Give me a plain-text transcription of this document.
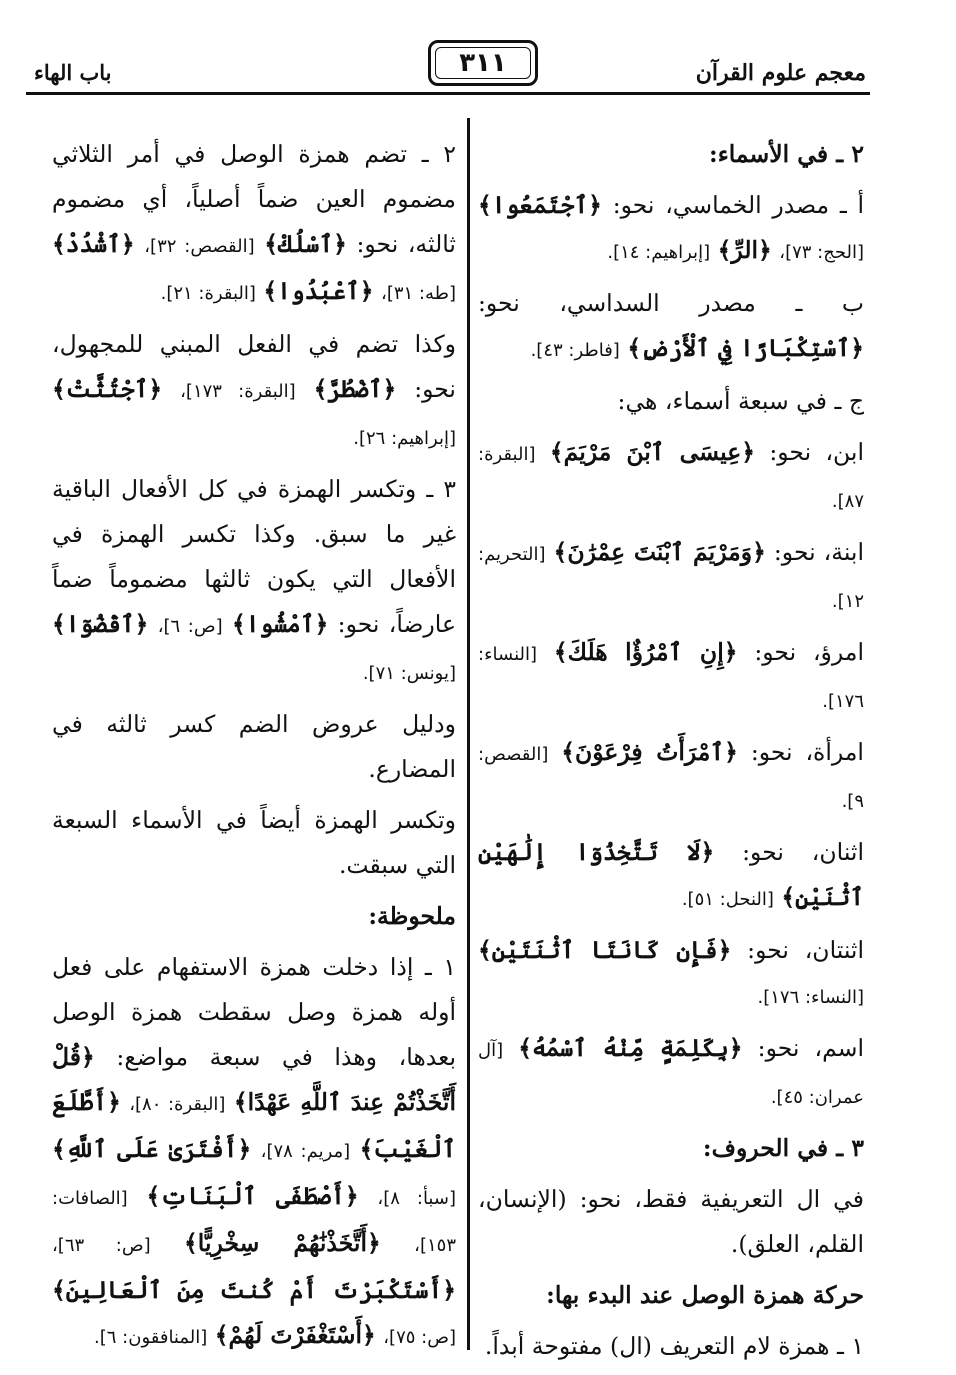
معجم علوم القرآن
٣١١
باب الهاء

٢ ـ في الأسماء:

أ ـ مصدر الخماسي، نحو: ﴿ٱجْتَمَعُوا﴾ [الحج: ٧٣]، ﴿الرِّ﴾ [إبراهيم: ١٤].

ب ـ مصدر السداسي، نحو: ﴿ٱسْتِكْبَارًا فِي ٱلْأَرْضِ﴾ [فاطر: ٤٣].

ج ـ في سبعة أسماء، هي:

ابن، نحو: ﴿عِيسَى ٱبْنَ مَرْيَمَ﴾ [البقرة: ٨٧].

ابنة، نحو: ﴿وَمَرْيَمَ ٱبْنَتَ عِمْرَٰنَ﴾ [التحريم: ١٢].

امرؤ، نحو: ﴿إِنِ ٱمْرُؤٌا هَلَكَ﴾ [النساء: ١٧٦].

امرأة، نحو: ﴿ٱمْرَأَتُ فِرْعَوْنَ﴾ [القصص: ٩].

اثنان، نحو: ﴿لَا تَتَّخِذُوٓا إِلَٰهَيْنِ ٱثْنَيْنِ﴾ [النحل: ٥١].

اثنتان، نحو: ﴿فَإِن كَانَتَا ٱثْنَتَيْنِ﴾ [النساء: ١٧٦].

اسم، نحو: ﴿بِكَلِمَةٍ مِّنْهُ ٱسْمُهُ﴾ [آل عمران: ٤٥].

٣ ـ في الحروف:

في ال التعريفية فقط، نحو: (الإنسان، القلم، العلق).

حركة همزة الوصل عند البدء بها:

١ ـ همزة لام التعريف (ال) مفتوحة أبداً.

٢ ـ تضم همزة الوصل في أمر الثلاثي مضموم العين ضماً أصلياً، أي مضموم ثالثه، نحو: ﴿ٱسْلُكْ﴾ [القصص: ٣٢]، ﴿ٱشْدُدْ﴾ [طه: ٣١]، ﴿ٱعْبُدُوا﴾ [البقرة: ٢١].

وكذا تضم في الفعل المبني للمجهول، نحو: ﴿ٱضْطُرَّ﴾ [البقرة: ١٧٣]، ﴿ٱجْتُثَّتْ﴾ [إبراهيم: ٢٦].

٣ ـ وتكسر الهمزة في كل الأفعال الباقية غير ما سبق. وكذا تكسر الهمزة في الأفعال التي يكون ثالثها مضموماً ضماً عارضاً، نحو: ﴿ٱمْشُوا﴾ [ص: ٦]، ﴿ٱقْضُوٓا﴾ [يونس: ٧١].

ودليل عروض الضم كسر ثالثه في المضارع.

وتكسر الهمزة أيضاً في الأسماء السبعة التي سبقت.

ملحوظة:

١ ـ إذا دخلت همزة الاستفهام على فعل أوله همزة وصل سقطت همزة الوصل بعدها، وهذا في سبعة مواضع: ﴿قُلْ أَتَّخَذْتُمْ عِندَ ٱللَّهِ عَهْدًا﴾ [البقرة: ٨٠]، ﴿أَطَّلَعَ ٱلْغَيْبَ﴾ [مريم: ٧٨]، ﴿أَفْتَرَىٰ عَلَى ٱللَّهِ﴾ [سبأ: ٨]، ﴿أَصْطَفَى ٱلْبَنَاتِ﴾ [الصافات: ١٥٣]، ﴿أَتَّخَذْنَٰهُمْ سِخْرِيًّا﴾ [ص: ٦٣]، ﴿أَسْتَكْبَرْتَ أَمْ كُنتَ مِنَ ٱلْعَالِينَ﴾ [ص: ٧٥]، ﴿أَسْتَغْفَرْتَ لَهُمْ﴾ [المنافقون: ٦].
